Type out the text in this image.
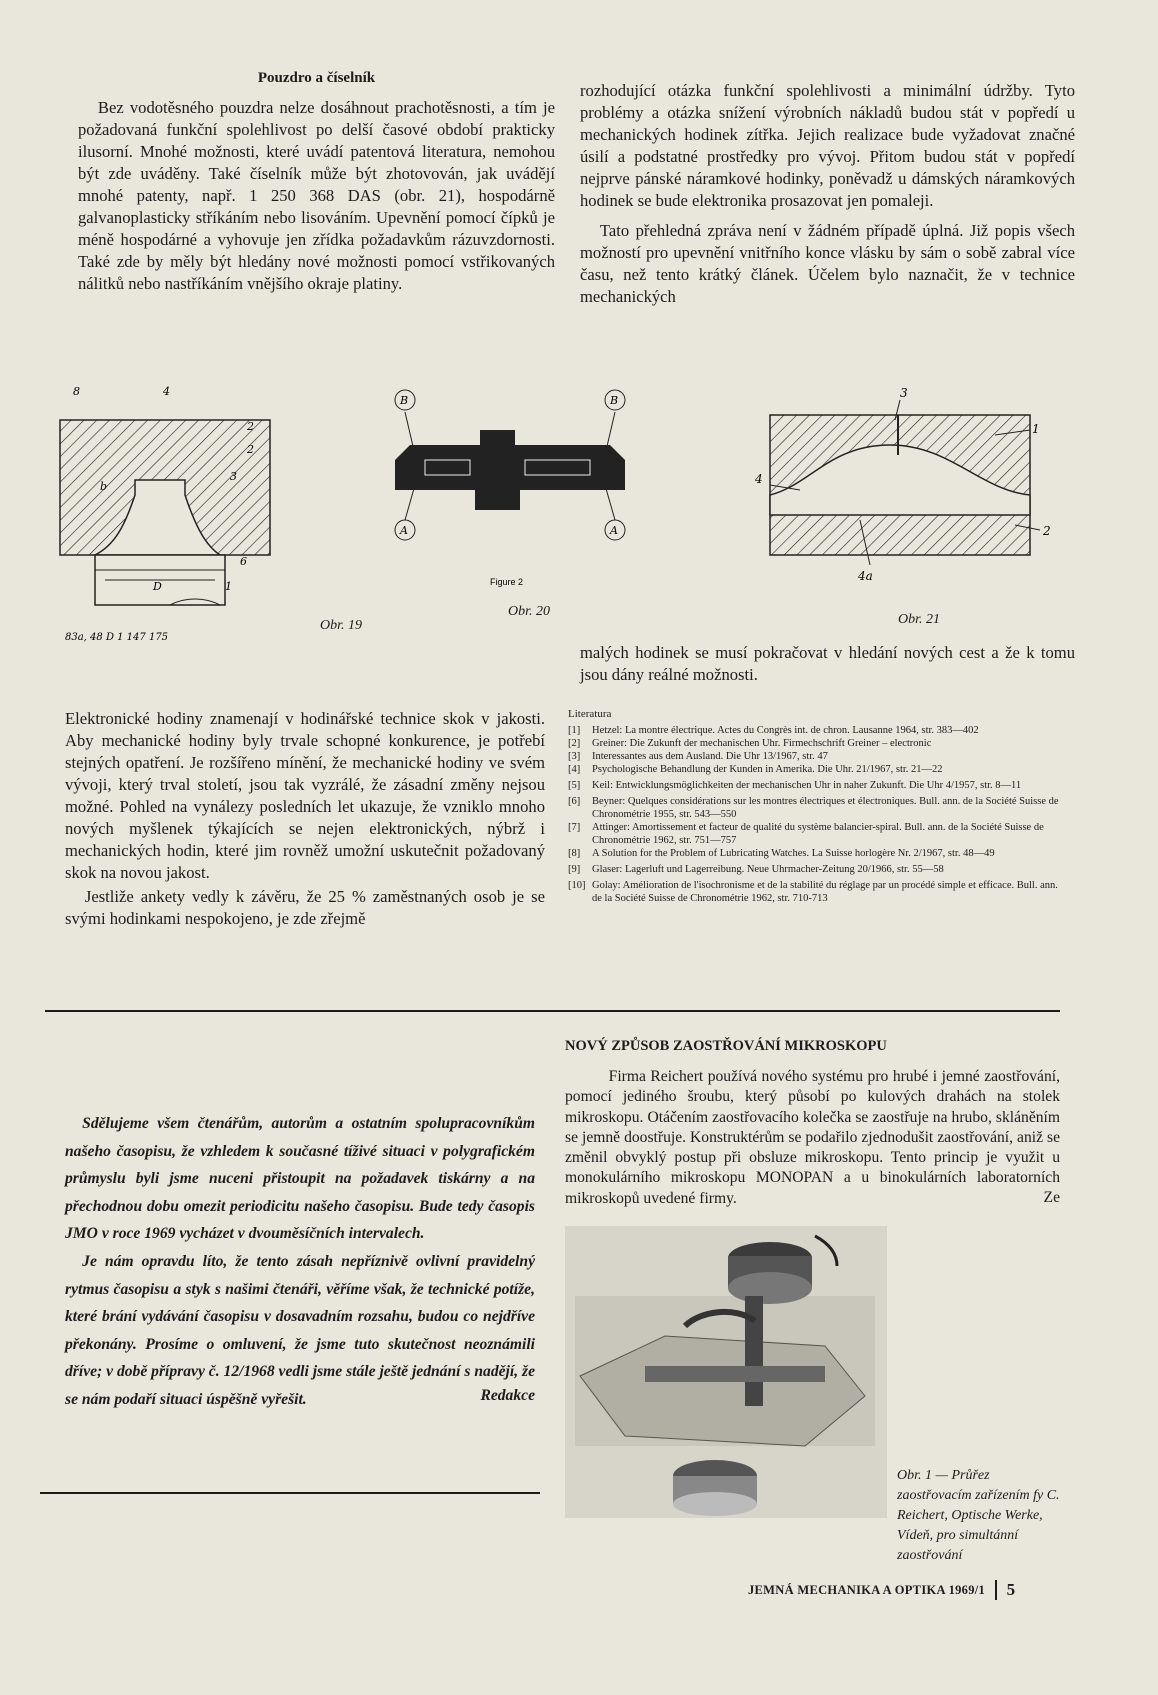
Pouzdro a číselník

Bez vodotěsného pouzdra nelze dosáhnout prachotěsnosti, a tím je požadovaná funkční spolehlivost po delší časové období prakticky ilusorní. Mnohé možnosti, které uvádí patentová literatura, nemohou být zde uváděny. Také číselník může být zhotovován, jak uvádějí mnohé patenty, např. 1 250 368 DAS (obr. 21), hospodárně galvanoplasticky stříkáním nebo lisováním. Upevnění pomocí čípků je méně hospodárné a vyhovuje jen zřídka požadavkům rázuvzdornosti. Také zde by měly být hledány nové možnosti pomocí vstřikovaných nálitků nebo nastříkáním vnějšího okraje platiny.

rozhodující otázka funkční spolehlivosti a minimální údržby. Tyto problémy a otázka snížení výrobních nákladů budou stát v popředí u mechanických hodinek zítřka. Jejich realizace bude vyžadovat značné úsilí a podstatné prostředky pro vývoj. Přitom budou stát v popředí nejprve pánské náramkové hodinky, poněvadž u dámských náramkových hodinek se bude elektronika prosazovat jen pomaleji.

Tato přehledná zpráva není v žádném případě úplná. Již popis všech možností pro upevnění vnitřního konce vlásku by sám o sobě zabral více času, než tento krátký článek. Účelem bylo naznačit, že v technice mechanických

8	4
2
2
3
6
1
D
b
83a, 48 D 1 147 175
Obr. 19
B	B
A	A
Figure 2
Obr. 20
3
1
4
2
4a
Obr. 21

malých hodinek se musí pokračovat v hledání nových cest a že k tomu jsou dány reálné možnosti.

Elektronické hodiny znamenají v hodinářské technice skok v jakosti. Aby mechanické hodiny byly trvale schopné konkurence, je potřebí stejných opatření. Je rozšířeno mínění, že mechanické hodiny ve svém vývoji, který trval století, jsou tak vyzrálé, že zásadní změny nejsou možné. Pohled na vynálezy posledních let ukazuje, že vzniklo mnoho nových myšlenek týkajících se nejen elektronických, nýbrž i mechanických hodin, které jim rovněž umožní uskutečnit požadovaný skok na novou jakost.

Jestliže ankety vedly k závěru, že 25 % zaměstnaných osob je se svými hodinkami nespokojeno, je zde zřejmě

Literatura

[1]	Hetzel: La montre électrique. Actes du Congrès int. de chron. Lausanne 1964, str. 383—402
[2]	Greiner: Die Zukunft der mechanischen Uhr. Firmechschrift Greiner – electronic
[3]	Interessantes aus dem Ausland. Die Uhr 13/1967, str. 47
[4]	Psychologische Behandlung der Kunden in Amerika. Die Uhr. 21/1967, str. 21—22
[5]	Keil: Entwicklungsmöglichkeiten der mechanischen Uhr in naher Zukunft. Die Uhr 4/1957, str. 8—11
[6]	Beyner: Quelques considérations sur les montres électriques et électroniques. Bull. ann. de la Société Suisse de Chronométrie 1955, str. 543—550
[7]	Attinger: Amortissement et facteur de qualité du système balancier-spiral. Bull. ann. de la Société Suisse de Chronométrie 1962, str. 751—757
[8]	A Solution for the Problem of Lubricating Watches. La Suisse horlogère Nr. 2/1967, str. 48—49
[9]	Glaser: Lagerluft und Lagerreibung. Neue Uhrmacher-Zeitung 20/1966, str. 55—58
[10] Golay: Amélioration de l'isochronisme et de la stabilité du réglage par un procédé simple et efficace. Bull. ann. de la Société Suisse de Chronométrie 1962, str. 710-713

Sdělujeme všem čtenářům, autorům a ostatním spolupracovníkům našeho časopisu, že vzhledem k současné tíživé situaci v polygrafickém průmyslu byli jsme nuceni přistoupit na požadavek tiskárny a na přechodnou dobu omezit periodicitu našeho časopisu. Bude tedy časopis JMO v roce 1969 vycházet v dvouměsíčních intervalech.

Je nám opravdu líto, že tento zásah nepříznivě ovlivní pravidelný rytmus časopisu a styk s našimi čtenáři, věříme však, že technické potíže, které brání vydávání časopisu v dosavadním rozsahu, budou co nejdříve překonány. Prosíme o omluvení, že jsme tuto skutečnost neoznámili dříve; v době přípravy č. 12/1968 vedli jsme stále ještě jednání s nadějí, že se nám podaří situaci úspěšně vyřešit.	Redakce
NOVÝ ZPŮSOB ZAOSTŘOVÁNÍ MIKROSKOPU

Firma Reichert používá nového systému pro hrubé i jemné zaostřování, pomocí jediného šroubu, který působí po kulových drahách na stolek mikroskopu. Otáčením zaostřovacího kolečka se zaostřuje na hrubo, skláněním se jemně doostřuje. Konstruktérům se podařilo zjednodušit zaostřování, aniž se změnil obvyklý postup při obsluze mikroskopu. Tento princip je využit u monokulárního mikroskopu MONOPAN a u binokulárních laboratorních mikroskopů uvedené firmy.	Ze
Obr. 1 — Průřez zaostřovacím zařízením fy C. Reichert, Optische Werke, Vídeň, pro simultánní zaostřování
JEMNÁ MECHANIKA A OPTIKA 1969/1 5
